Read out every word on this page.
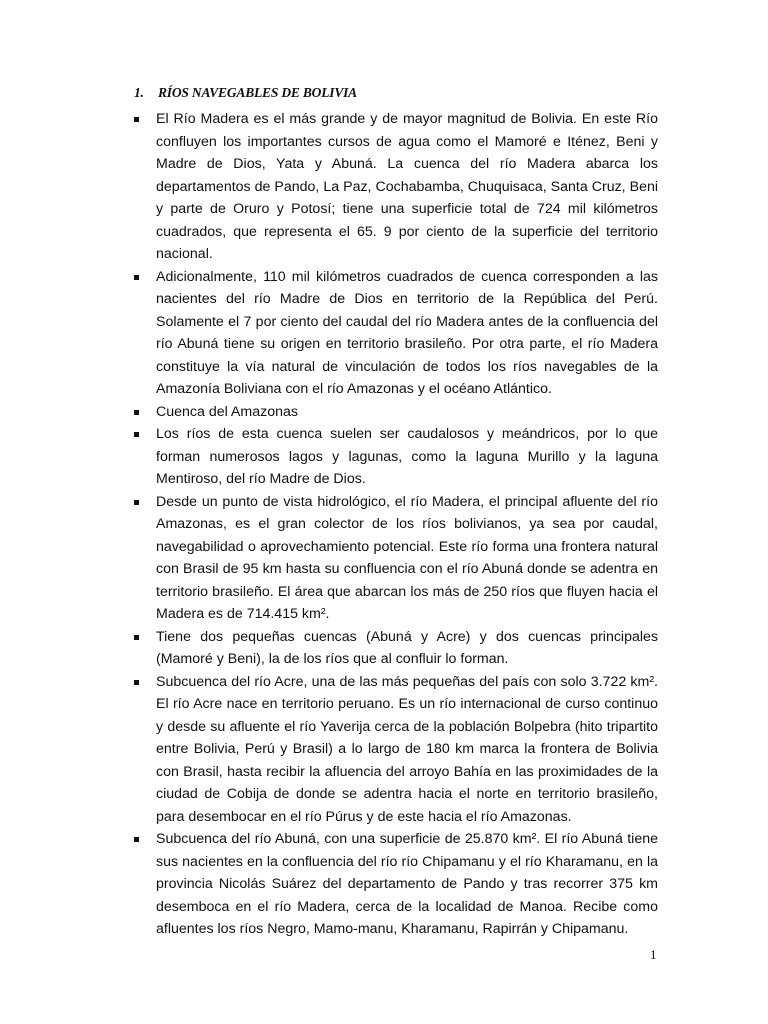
1. RÍOS NAVEGABLES DE BOLIVIA
El Río Madera es el más grande y de mayor magnitud de Bolivia. En este Río confluyen los importantes cursos de agua como el Mamoré e Iténez, Beni y Madre de Dios, Yata y Abuná. La cuenca del río Madera abarca los departamentos de Pando, La Paz, Cochabamba, Chuquisaca, Santa Cruz, Beni y parte de Oruro y Potosí; tiene una superficie total de 724 mil kilómetros cuadrados, que representa el 65. 9 por ciento de la superficie del territorio nacional.
Adicionalmente, 110 mil kilómetros cuadrados de cuenca corresponden a las nacientes del río Madre de Dios en territorio de la República del Perú. Solamente el 7 por ciento del caudal del río Madera antes de la confluencia del río Abuná tiene su origen en territorio brasileño. Por otra parte, el río Madera constituye la vía natural de vinculación de todos los ríos navegables de la Amazonía Boliviana con el río Amazonas y el océano Atlántico.
Cuenca del Amazonas
Los ríos de esta cuenca suelen ser caudalosos y meándricos, por lo que forman numerosos lagos y lagunas, como la laguna Murillo y la laguna Mentiroso, del río Madre de Dios.
Desde un punto de vista hidrológico, el río Madera, el principal afluente del río Amazonas, es el gran colector de los ríos bolivianos, ya sea por caudal, navegabilidad o aprovechamiento potencial. Este río forma una frontera natural con Brasil de 95 km hasta su confluencia con el río Abuná donde se adentra en territorio brasileño. El área que abarcan los más de 250 ríos que fluyen hacia el Madera es de 714.415 km².
Tiene dos pequeñas cuencas (Abuná y Acre) y dos cuencas principales (Mamoré y Beni), la de los ríos que al confluir lo forman.
Subcuenca del río Acre, una de las más pequeñas del país con solo 3.722 km². El río Acre nace en territorio peruano. Es un río internacional de curso continuo y desde su afluente el río Yaverija cerca de la población Bolpebra (hito tripartito entre Bolivia, Perú y Brasil) a lo largo de 180 km marca la frontera de Bolivia con Brasil, hasta recibir la afluencia del arroyo Bahía en las proximidades de la ciudad de Cobija de donde se adentra hacia el norte en territorio brasileño, para desembocar en el río Púrus y de este hacia el río Amazonas.
Subcuenca del río Abuná, con una superficie de 25.870 km². El río Abuná tiene sus nacientes en la confluencia del río río Chipamanu y el río Kharamanu, en la provincia Nicolás Suárez del departamento de Pando y tras recorrer 375 km desemboca en el río Madera, cerca de la localidad de Manoa. Recibe como afluentes los ríos Negro, Mamo-manu, Kharamanu, Rapirrán y Chipamanu.
1
